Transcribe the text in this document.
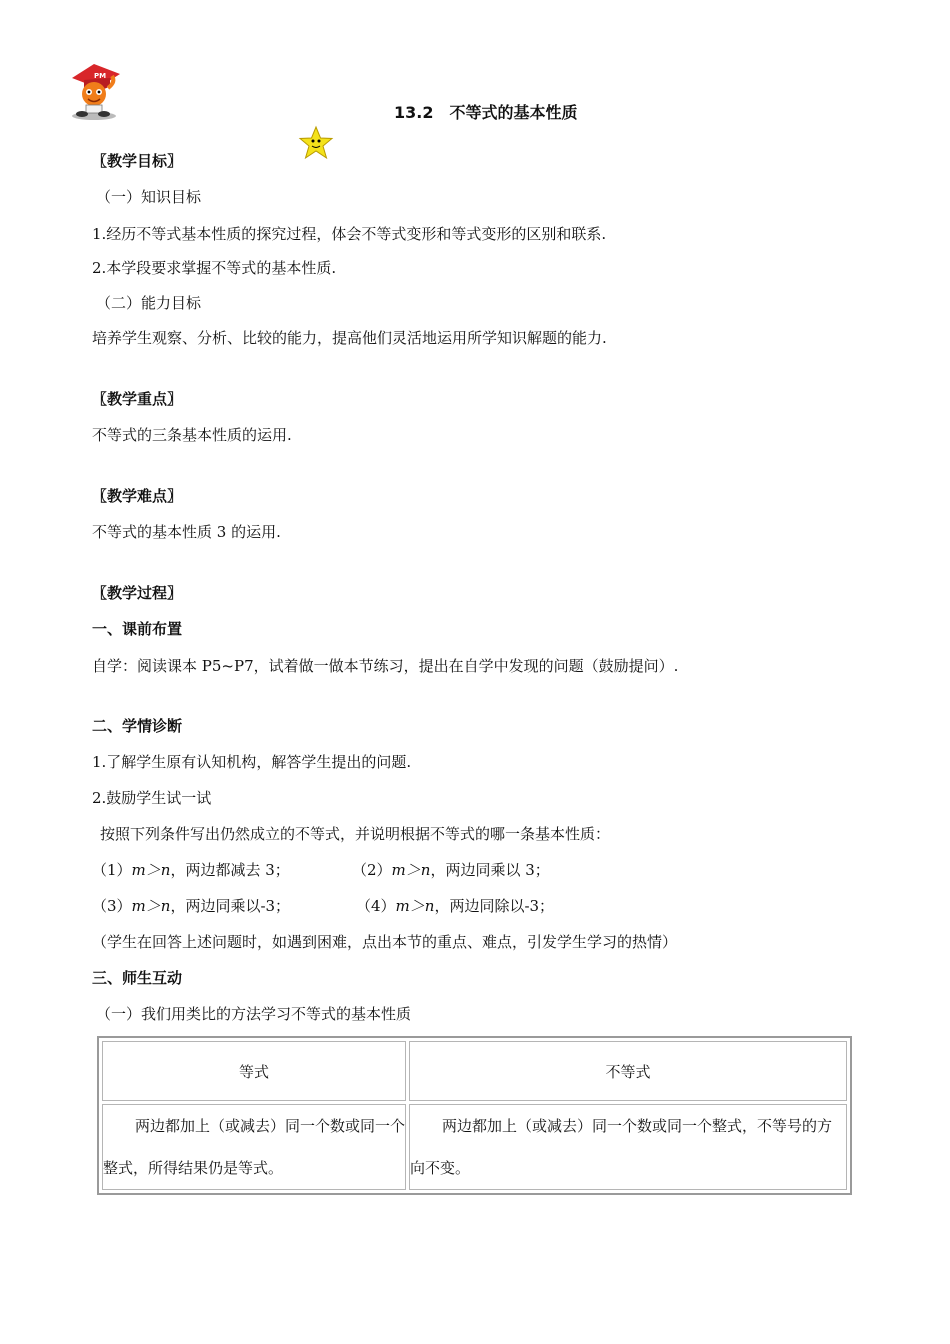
PM
13.2　不等式的基本性质
〖教学目标〗
（一）知识目标
1.经历不等式基本性质的探究过程，体会不等式变形和等式变形的区别和联系.
2.本学段要求掌握不等式的基本性质.
（二）能力目标
培养学生观察、分析、比较的能力，提高他们灵活地运用所学知识解题的能力.
〖教学重点〗
不等式的三条基本性质的运用.
〖教学难点〗
不等式的基本性质 3 的运用.
〖教学过程〗
一、课前布置
自学：阅读课本 P5~P7，试着做一做本节练习，提出在自学中发现的问题（鼓励提问）.
二、学情诊断
1.了解学生原有认知机构，解答学生提出的问题.
2.鼓励学生试一试
按照下列条件写出仍然成立的不等式，并说明根据不等式的哪一条基本性质：
（1）m＞n，两边都减去 3；	（2）m＞n，两边同乘以 3；
（3）m＞n，两边同乘以-3；	（4）m＞n，两边同除以-3；
（学生在回答上述问题时，如遇到困难，点出本节的重点、难点，引发学生学习的热情）
三、师生互动
（一）我们用类比的方法学习不等式的基本性质
等式	不等式
两边都加上（或减去）同一个数或同一个整式，所得结果仍是等式。	两边都加上（或减去）同一个数或同一个整式，不等号的方向不变。
